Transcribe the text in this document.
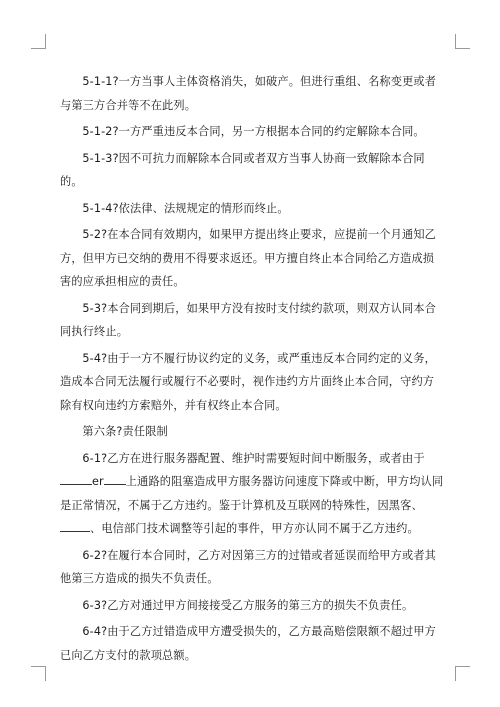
5-1-1?一方当事人主体资格消失，如破产。但进行重组、名称变更或者与第三方合并等不在此列。

5-1-2?一方严重违反本合同，另一方根据本合同的约定解除本合同。

5-1-3?因不可抗力而解除本合同或者双方当事人协商一致解除本合同的。

5-1-4?依法律、法规规定的情形而终止。

5-2?在本合同有效期内，如果甲方提出终止要求，应提前一个月通知乙方，但甲方已交纳的费用不得要求返还。甲方擅自终止本合同给乙方造成损害的应承担相应的责任。

5-3?本合同到期后，如果甲方没有按时支付续约款项，则双方认同本合同执行终止。

5-4?由于一方不履行协议约定的义务，或严重违反本合同约定的义务，造成本合同无法履行或履行不必要时，视作违约方片面终止本合同，守约方除有权向违约方索赔外，并有权终止本合同。

第六条?责任限制

6-1?乙方在进行服务器配置、维护时需要短时间中断服务，或者由于
er 上通路的阻塞造成甲方服务器访问速度下降或中断，甲方均认同是正常情况，不属于乙方违约。鉴于计算机及互联网的特殊性，因黑客、、电信部门技术调整等引起的事件，甲方亦认同不属于乙方违约。

6-2?在履行本合同时，乙方对因第三方的过错或者延误而给甲方或者其他第三方造成的损失不负责任。

6-3?乙方对通过甲方间接接受乙方服务的第三方的损失不负责任。

6-4?由于乙方过错造成甲方遭受损失的，乙方最高赔偿限额不超过甲方已向乙方支付的款项总额。
